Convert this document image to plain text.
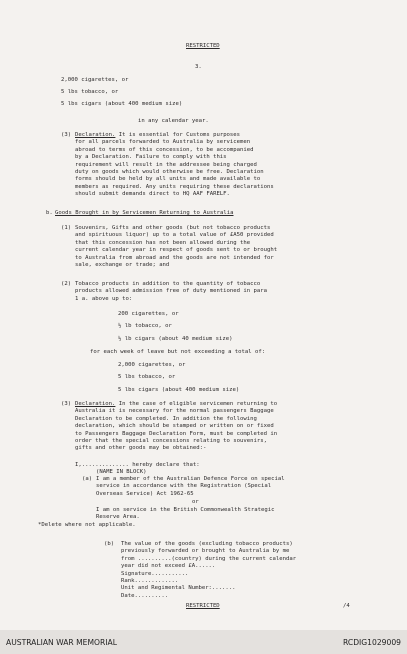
RESTRICTED
3.

2,000 cigarettes, or

5 lbs tobacco, or

5 lbs cigars (about 400 medium size)

in any calendar year.
(3) Declaration. It is essential for Customs purposes

for all parcels forwarded to Australia by servicemen

abroad to terms of this concession, to be accompanied

by a Declaration. Failure to comply with this

requirement will result in the addressee being charged

duty on goods which would otherwise be free. Declaration

forms should be held by all units and made available to

members as required. Any units requiring these declarations

should submit demands direct to HQ AAF FARELF.

b. Goods Brought in by Servicemen Returning to Australia
(1) Souvenirs, Gifts and other goods (but not tobacco products

and spirituous liquor) up to a total value of £A50 provided

that this concession has not been allowed during the

current calendar year in respect of goods sent to or brought

to Australia from abroad and the goods are not intended for

sale, exchange or trade; and

(2) Tobacco products in addition to the quantity of tobacco

products allowed admission free of duty mentioned in para

1 a. above up to:

200 cigarettes, or

½ lb tobacco, or

½ lb cigars (about 40 medium size)

for each week of leave but not exceeding a total of:

2,000 cigarettes, or

5 lbs tobacco, or

5 lbs cigars (about 400 medium size)

(3) Declaration. In the case of eligible servicemen returning to

Australia it is necessary for the normal passengers Baggage

Declaration to be completed. In addition the following

declaration, which should be stamped or written on or fixed

to Passengers Baggage Declaration Form, must be completed in

order that the special concessions relating to souvenirs,

gifts and other goods may be obtained:-

I,.............. hereby declare that:
(NAME IN BLOCK)
(a) I am a member of the Australian Defence Force on special

service in accordance with the Registration (Special

Overseas Service) Act 1962-65

or

I am on service in the British Commonwealth Strategic

Reserve Area.

*Delete where not applicable.
(b) The value of the goods (excluding tobacco products)

previously forwarded or brought to Australia by me

from ..........(country) during the current calendar

year did not exceed £A......

Signature...........

Rank.............

Unit and Regimental Number:.......

Date..........

RESTRICTED	/4
AUSTRALIAN WAR MEMORIAL	RCDIG1029009
